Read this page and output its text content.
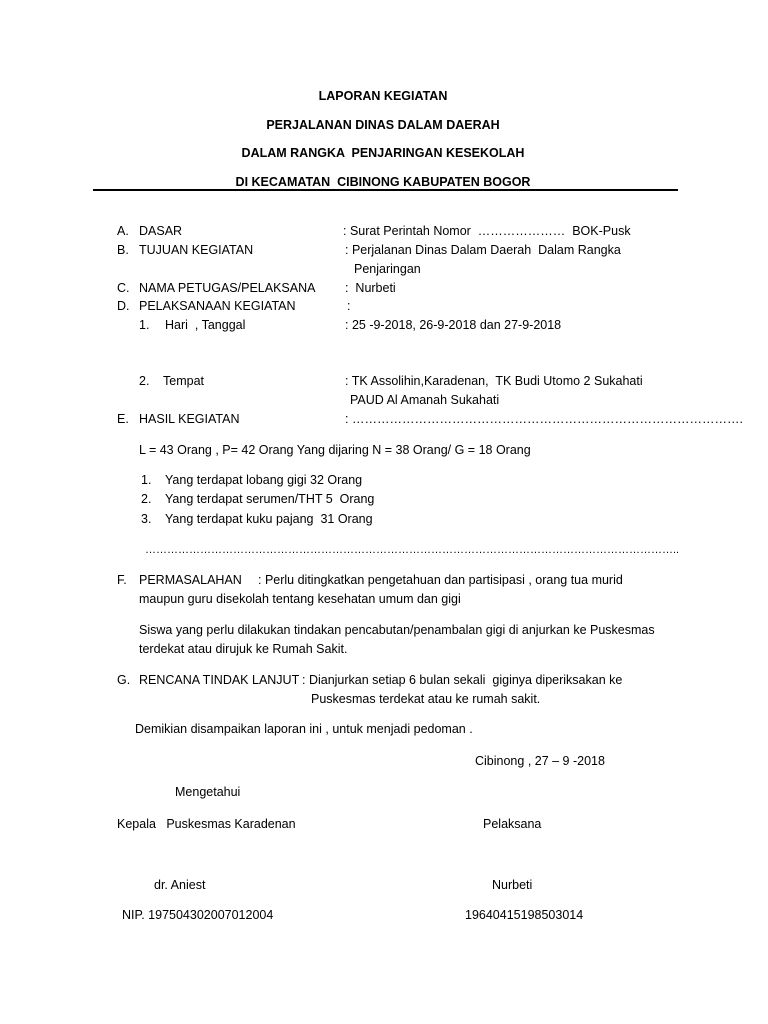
LAPORAN KEGIATAN
PERJALANAN DINAS DALAM DAERAH
DALAM RANGKA  PENJARINGAN KESEKOLAH
DI KECAMATAN  CIBINONG KABUPATEN BOGOR
A. DASAR	: Surat Perintah Nomor  …………………  BOK-Pusk
B. TUJUAN KEGIATAN	: Perjalanan Dinas Dalam Daerah  Dalam Rangka
Penjaringan
C. NAMA PETUGAS/PELAKSANA :  Nurbeti
D. PELAKSANAAN KEGIATAN	:
1. Hari  , Tanggal	: 25 -9-2018, 26-9-2018 dan 27-9-2018
2. Tempat	: TK Assolihin,Karadenan,  TK Budi Utomo 2 Sukahati
PAUD Al Amanah Sukahati
E. HASIL KEGIATAN	: ………………………………………………………………………………….
L = 43 Orang , P= 42 Orang Yang dijaring N = 38 Orang/ G = 18 Orang
1. Yang terdapat lobang gigi 32 Orang
2. Yang terdapat serumen/THT 5  Orang
3. Yang terdapat kuku pajang  31 Orang
………………………………………………………………………………………………………………………………..
F. PERMASALAHAN : Perlu ditingkatkan pengetahuan dan partisipasi , orang tua murid
maupun guru disekolah tentang kesehatan umum dan gigi
Siswa yang perlu dilakukan tindakan pencabutan/penambalan gigi di anjurkan ke Puskesmas
terdekat atau dirujuk ke Rumah Sakit.
G. RENCANA TINDAK LANJUT : Dianjurkan setiap 6 bulan sekali  giginya diperiksakan ke
Puskesmas terdekat atau ke rumah sakit.
Demikian disampaikan laporan ini , untuk menjadi pedoman .
Cibinong , 27 – 9 -2018
Mengetahui
Kepala   Puskesmas Karadenan	Pelaksana
dr. Aniest	Nurbeti
NIP. 197504302007012004	19640415198503014
